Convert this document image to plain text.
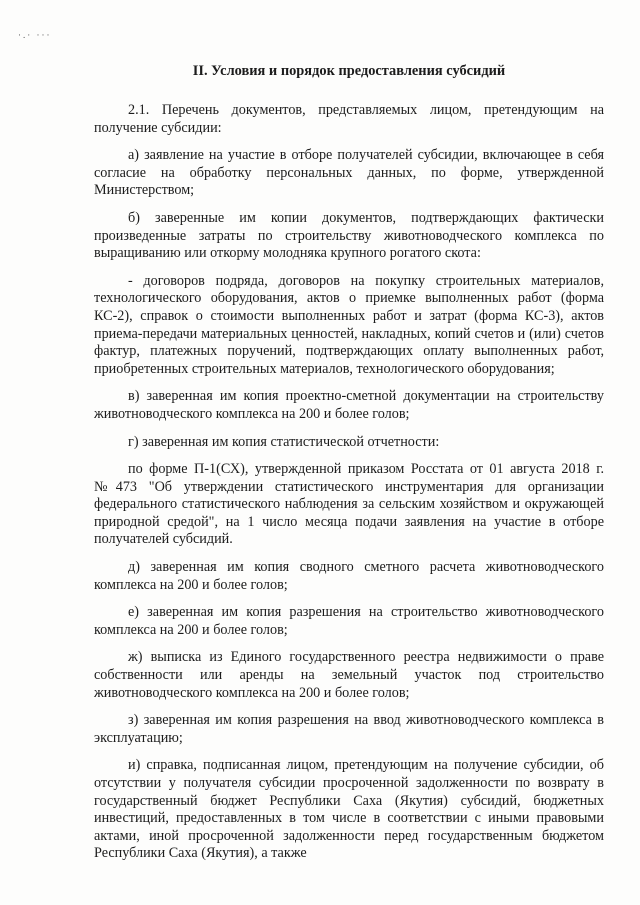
·.· ···
II. Условия и порядок предоставления субсидий

2.1. Перечень документов, представляемых лицом, претендующим на получение субсидии:

а) заявление на участие в отборе получателей субсидии, включающее в себя согласие на обработку персональных данных, по форме, утвержденной Министерством;

б) заверенные им копии документов, подтверждающих фактически произведенные затраты по строительству животноводческого комплекса по выращиванию или откорму молодняка крупного рогатого скота:

- договоров подряда, договоров на покупку строительных материалов, технологического оборудования, актов о приемке выполненных работ (форма КС-2), справок о стоимости выполненных работ и затрат (форма КС-3), актов приема-передачи материальных ценностей, накладных, копий счетов и (или) счетов фактур, платежных поручений, подтверждающих оплату выполненных работ, приобретенных строительных материалов, технологического оборудования;

в) заверенная им копия проектно-сметной документации на строительству животноводческого комплекса на 200 и более голов;

г) заверенная им копия статистической отчетности:

по форме П-1(СХ), утвержденной приказом Росстата от 01 августа 2018 г. №473 "Об утверждении статистического инструментария для организации федерального статистического наблюдения за сельским хозяйством и окружающей природной средой", на 1 число месяца подачи заявления на участие в отборе получателей субсидий.

д) заверенная им копия сводного сметного расчета животноводческого комплекса на 200 и более голов;

е) заверенная им копия разрешения на строительство животноводческого комплекса на 200 и более голов;

ж) выписка из Единого государственного реестра недвижимости о праве собственности или аренды на земельный участок под строительство животноводческого комплекса на 200 и более голов;

з) заверенная им копия разрешения на ввод животноводческого комплекса в эксплуатацию;

и) справка, подписанная лицом, претендующим на получение субсидии, об отсутствии у получателя субсидии просроченной задолженности по возврату в государственный бюджет Республики Саха (Якутия) субсидий, бюджетных инвестиций, предоставленных в том числе в соответствии с иными правовыми актами, иной просроченной задолженности перед государственным бюджетом Республики Саха (Якутия), а также
